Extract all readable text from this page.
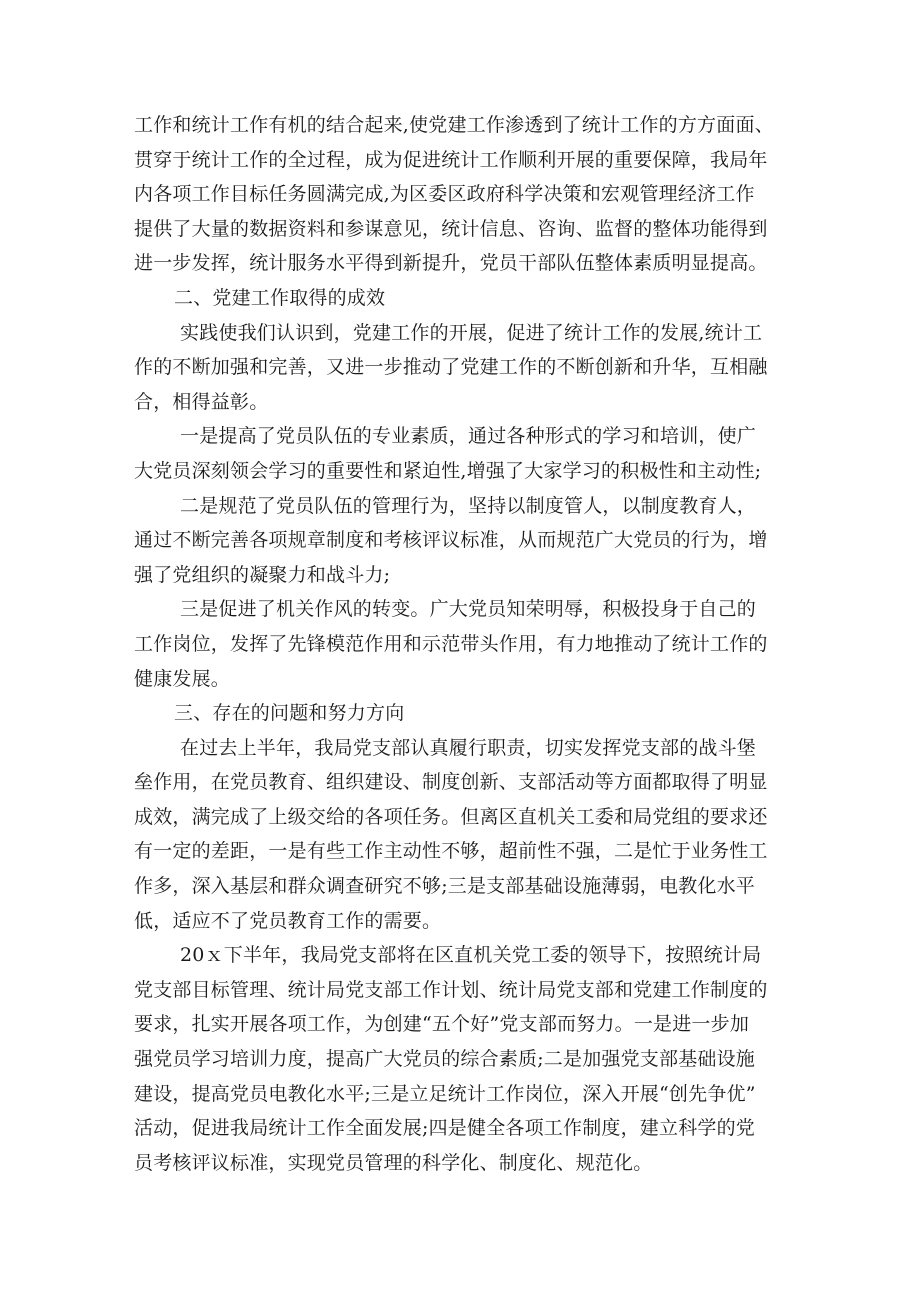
工作和统计工作有机的结合起来,使党建工作渗透到了统计工作的方方面面、
贯穿于统计工作的全过程，成为促进统计工作顺利开展的重要保障，我局年
内各项工作目标任务圆满完成,为区委区政府科学决策和宏观管理经济工作
提供了大量的数据资料和参谋意见，统计信息、咨询、监督的整体功能得到
进一步发挥，统计服务水平得到新提升，党员干部队伍整体素质明显提高。
二、党建工作取得的成效
实践使我们认识到，党建工作的开展，促进了统计工作的发展,统计工
作的不断加强和完善，又进一步推动了党建工作的不断创新和升华，互相融
合，相得益彰。
一是提高了党员队伍的专业素质，通过各种形式的学习和培训，使广
大党员深刻领会学习的重要性和紧迫性,增强了大家学习的积极性和主动性;
二是规范了党员队伍的管理行为，坚持以制度管人，以制度教育人，
通过不断完善各项规章制度和考核评议标准，从而规范广大党员的行为，增
强了党组织的凝聚力和战斗力;
三是促进了机关作风的转变。广大党员知荣明辱，积极投身于自己的
工作岗位，发挥了先锋模范作用和示范带头作用，有力地推动了统计工作的
健康发展。
三、存在的问题和努力方向
在过去上半年，我局党支部认真履行职责，切实发挥党支部的战斗堡
垒作用，在党员教育、组织建设、制度创新、支部活动等方面都取得了明显
成效，满完成了上级交给的各项任务。但离区直机关工委和局党组的要求还
有一定的差距，一是有些工作主动性不够，超前性不强，二是忙于业务性工
作多，深入基层和群众调查研究不够;三是支部基础设施薄弱，电教化水平
低，适应不了党员教育工作的需要。
20ｘ下半年，我局党支部将在区直机关党工委的领导下，按照统计局
党支部目标管理、统计局党支部工作计划、统计局党支部和党建工作制度的
要求，扎实开展各项工作，为创建“五个好”党支部而努力。一是进一步加
强党员学习培训力度，提高广大党员的综合素质;二是加强党支部基础设施
建设，提高党员电教化水平;三是立足统计工作岗位，深入开展“创先争优”
活动，促进我局统计工作全面发展;四是健全各项工作制度，建立科学的党
员考核评议标准，实现党员管理的科学化、制度化、规范化。
